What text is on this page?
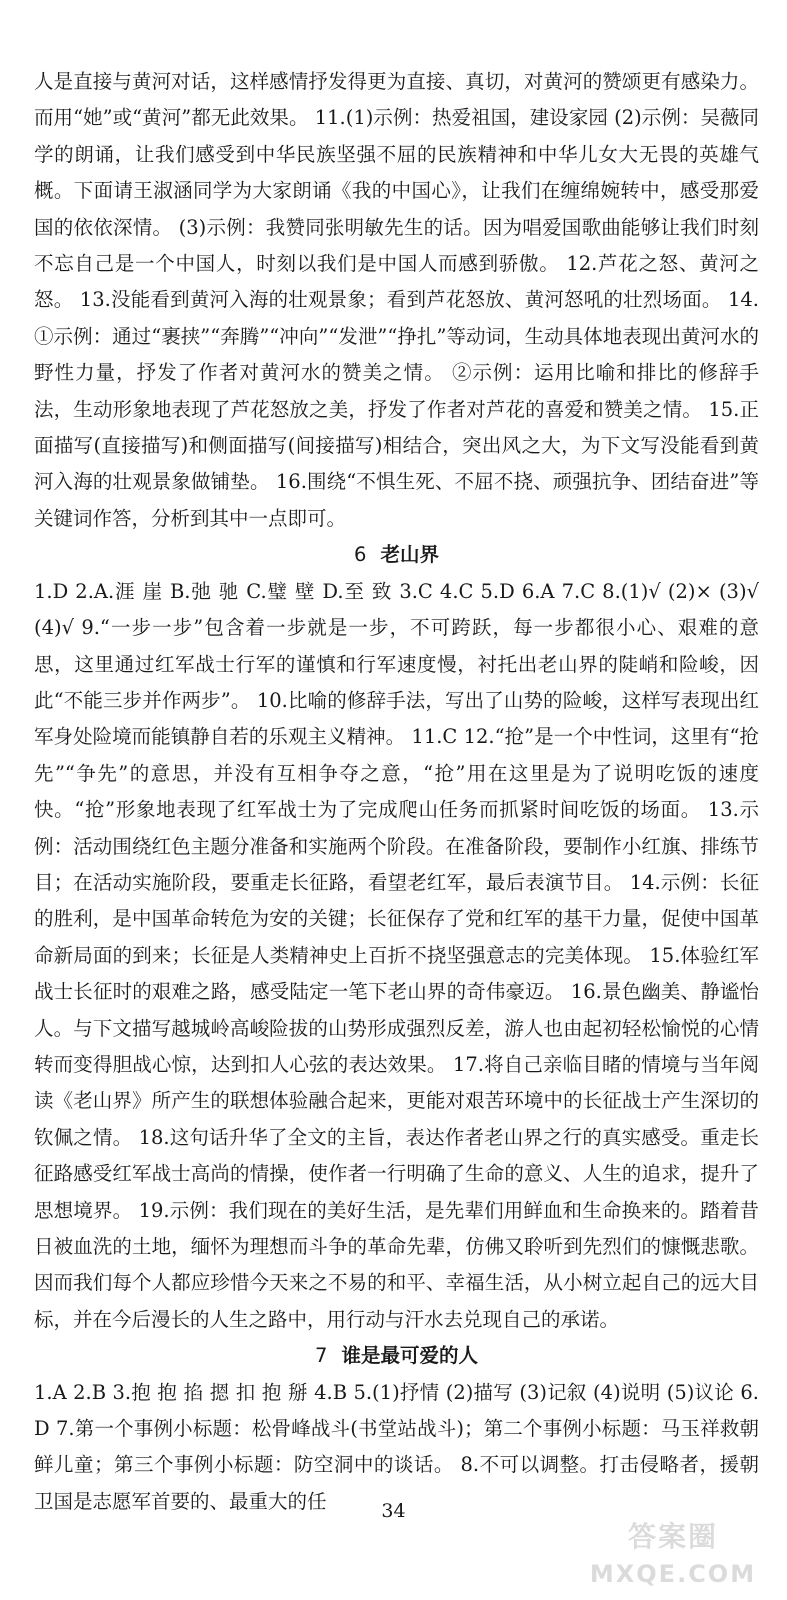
人是直接与黄河对话，这样感情抒发得更为直接、真切，对黄河的赞颂更有感染力。而用“她”或“黄河”都无此效果。 11.(1)示例：热爱祖国，建设家园 (2)示例：吴薇同学的朗诵，让我们感受到中华民族坚强不屈的民族精神和中华儿女大无畏的英雄气概。下面请王淑涵同学为大家朗诵《我的中国心》，让我们在缠绵婉转中，感受那爱国的依依深情。 (3)示例：我赞同张明敏先生的话。因为唱爱国歌曲能够让我们时刻不忘自己是一个中国人，时刻以我们是中国人而感到骄傲。 12.芦花之怒、黄河之怒。 13.没能看到黄河入海的壮观景象；看到芦花怒放、黄河怒吼的壮烈场面。 14.①示例：通过“裹挟”“奔腾”“冲向”“发泄”“挣扎”等动词，生动具体地表现出黄河水的野性力量，抒发了作者对黄河水的赞美之情。 ②示例：运用比喻和排比的修辞手法，生动形象地表现了芦花怒放之美，抒发了作者对芦花的喜爱和赞美之情。 15.正面描写(直接描写)和侧面描写(间接描写)相结合，突出风之大，为下文写没能看到黄河入海的壮观景象做铺垫。 16.围绕“不惧生死、不屈不挠、顽强抗争、团结奋进”等关键词作答，分析到其中一点即可。

6 老山界

1.D 2.A.涯 崖 B.弛 驰 C.璧 壁 D.至 致 3.C 4.C 5.D 6.A 7.C 8.(1)√ (2)× (3)√ (4)√ 9.“一步一步”包含着一步就是一步，不可跨跃，每一步都很小心、艰难的意思，这里通过红军战士行军的谨慎和行军速度慢，衬托出老山界的陡峭和险峻，因此“不能三步并作两步”。 10.比喻的修辞手法，写出了山势的险峻，这样写表现出红军身处险境而能镇静自若的乐观主义精神。 11.C 12.“抢”是一个中性词，这里有“抢先”“争先”的意思，并没有互相争夺之意，“抢”用在这里是为了说明吃饭的速度快。“抢”形象地表现了红军战士为了完成爬山任务而抓紧时间吃饭的场面。 13.示例：活动围绕红色主题分准备和实施两个阶段。在准备阶段，要制作小红旗、排练节目；在活动实施阶段，要重走长征路，看望老红军，最后表演节目。 14.示例：长征的胜利，是中国革命转危为安的关键；长征保存了党和红军的基干力量，促使中国革命新局面的到来；长征是人类精神史上百折不挠坚强意志的完美体现。 15.体验红军战士长征时的艰难之路，感受陆定一笔下老山界的奇伟豪迈。 16.景色幽美、静谧怡人。与下文描写越城岭高峻险拔的山势形成强烈反差，游人也由起初轻松愉悦的心情转而变得胆战心惊，达到扣人心弦的表达效果。 17.将自己亲临目睹的情境与当年阅读《老山界》所产生的联想体验融合起来，更能对艰苦环境中的长征战士产生深切的钦佩之情。 18.这句话升华了全文的主旨，表达作者老山界之行的真实感受。重走长征路感受红军战士高尚的情操，使作者一行明确了生命的意义、人生的追求，提升了思想境界。 19.示例：我们现在的美好生活，是先辈们用鲜血和生命换来的。踏着昔日被血洗的土地，缅怀为理想而斗争的革命先辈，仿佛又聆听到先烈们的慷慨悲歌。因而我们每个人都应珍惜今天来之不易的和平、幸福生活，从小树立起自己的远大目标，并在今后漫长的人生之路中，用行动与汗水去兑现自己的承诺。

7 谁是最可爱的人

1.A 2.B 3.抱 抱 掐 摁 扣 抱 掰 4.B 5.(1)抒情 (2)描写 (3)记叙 (4)说明 (5)议论 6.D 7.第一个事例小标题：松骨峰战斗(书堂站战斗)；第二个事例小标题：马玉祥救朝鲜儿童；第三个事例小标题：防空洞中的谈话。 8.不可以调整。打击侵略者，援朝卫国是志愿军首要的、最重大的任	34
答案圈
MXQE.COM
